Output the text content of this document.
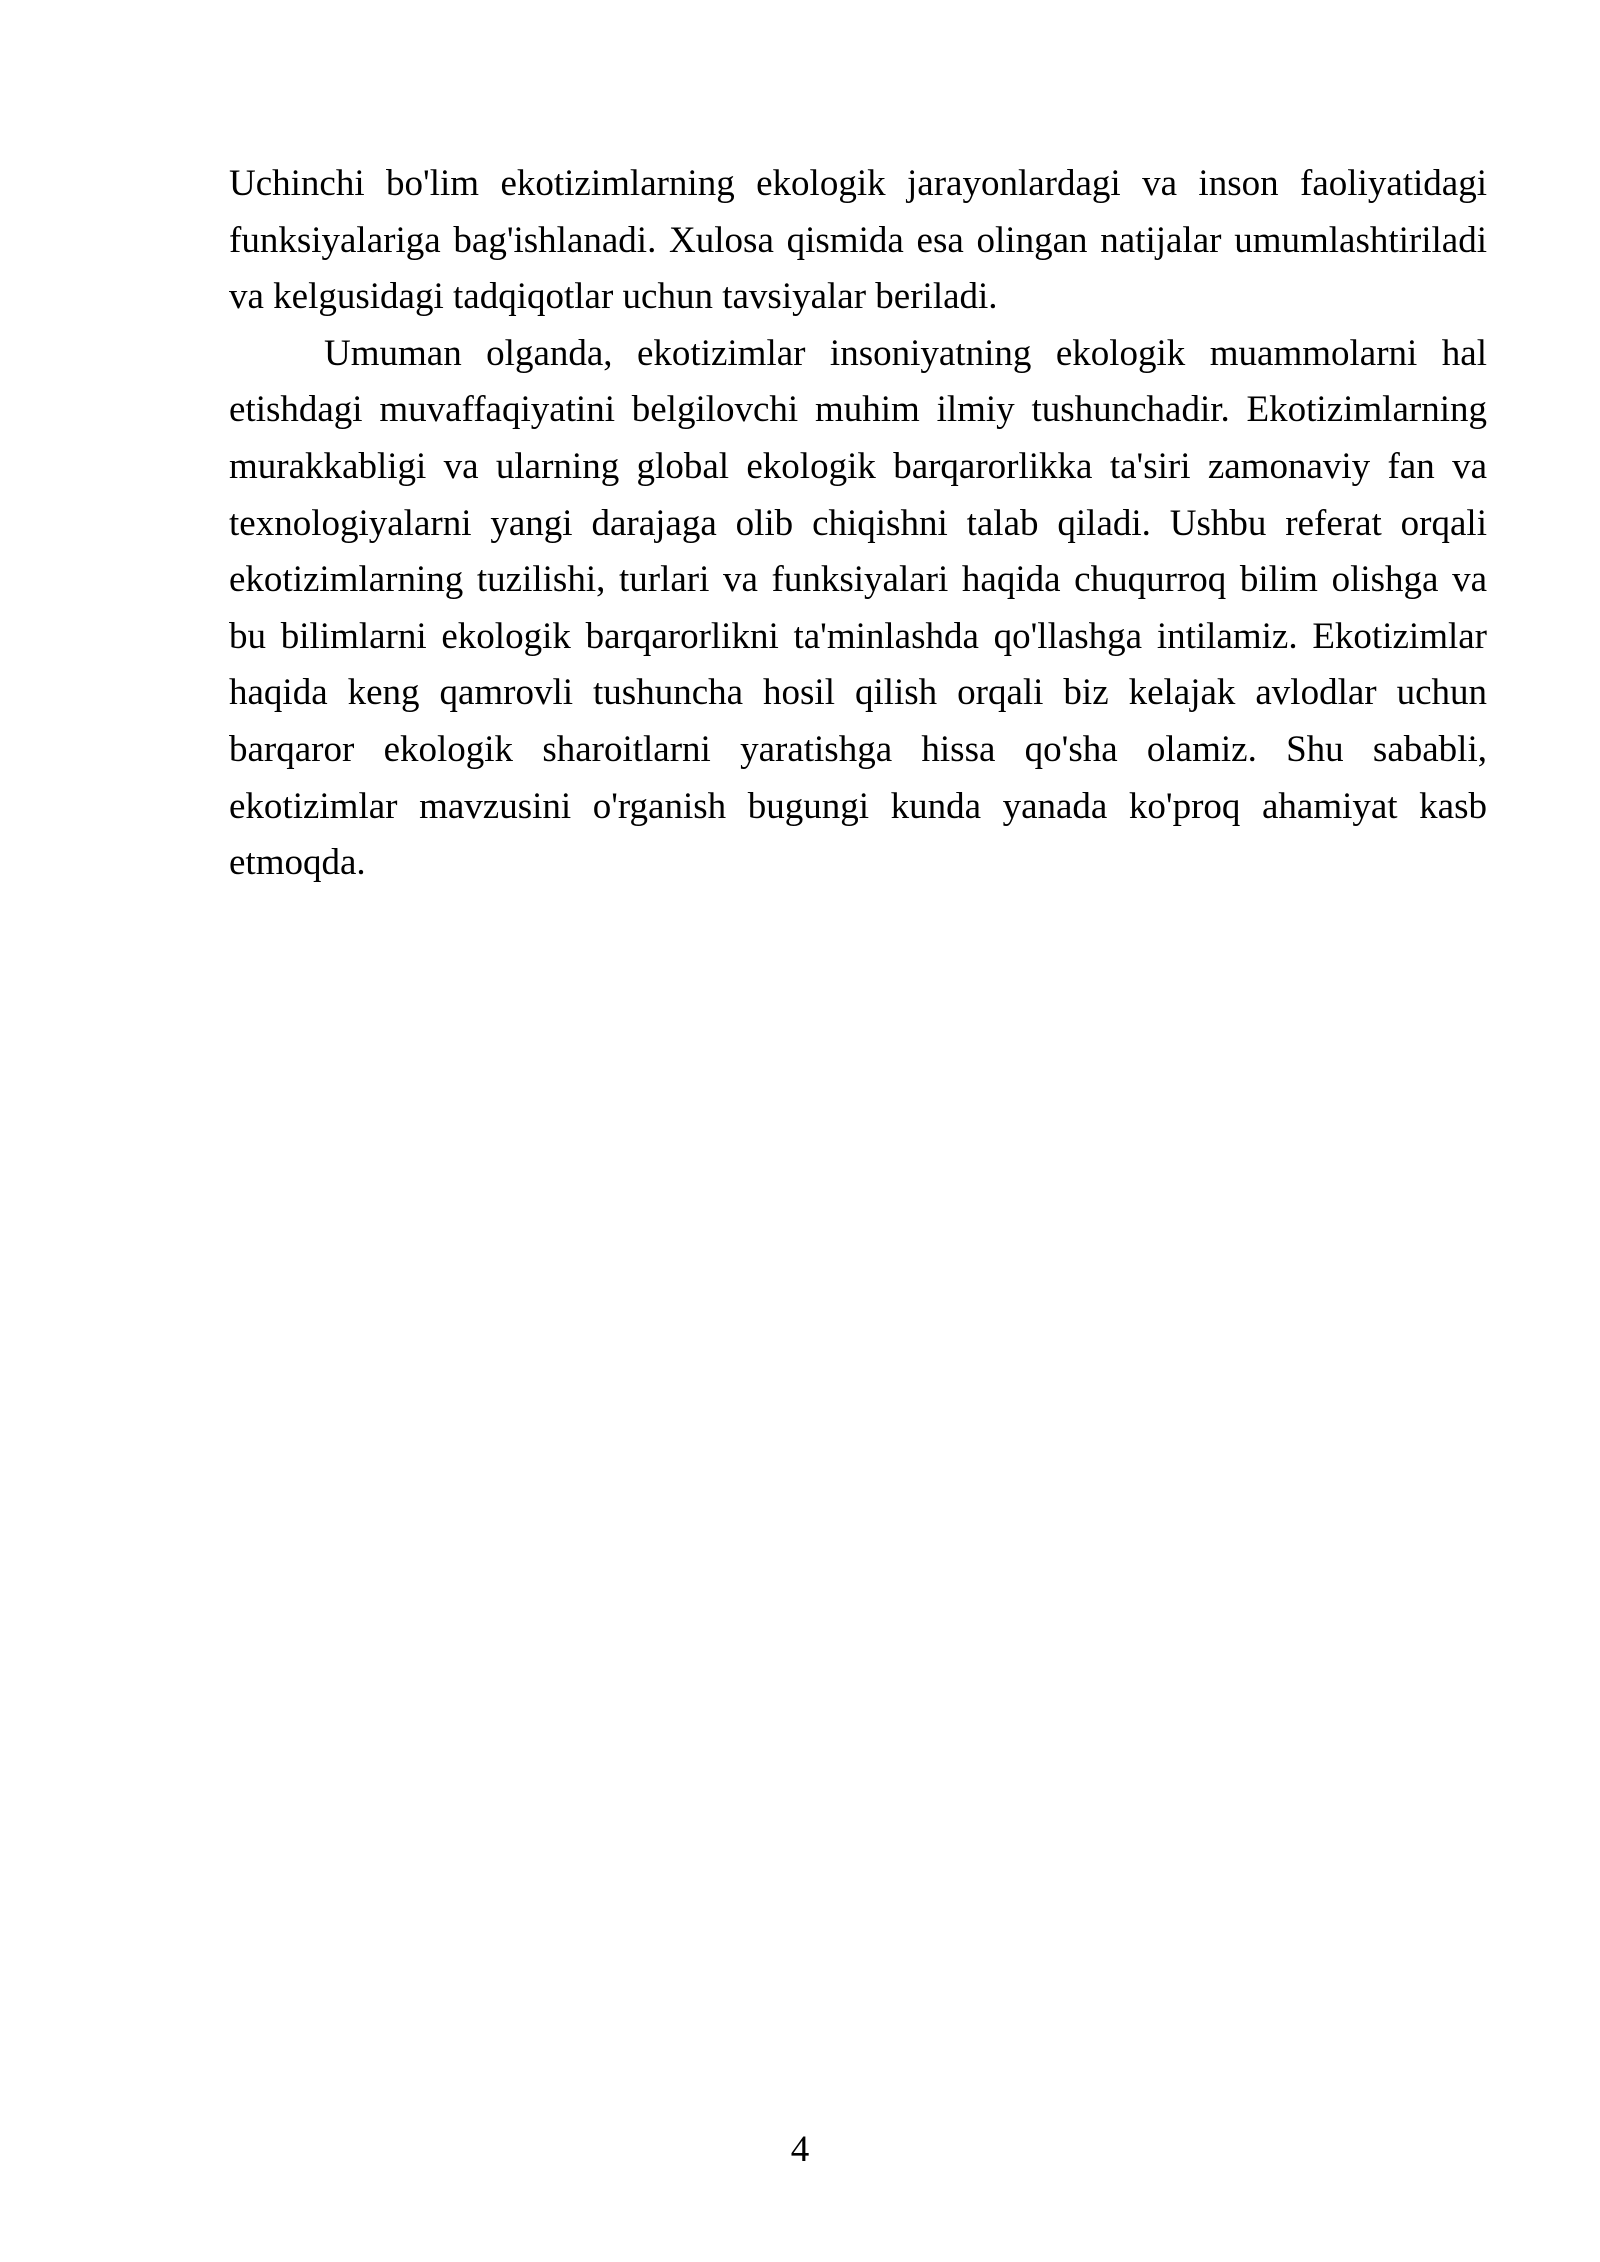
Uchinchi bo'lim ekotizimlarning ekologik jarayonlardagi va inson faoliyatidagi funksiyalariga bag'ishlanadi. Xulosa qismida esa olingan natijalar umumlashtiriladi va kelgusidagi tadqiqotlar uchun tavsiyalar beriladi.

Umuman olganda, ekotizimlar insoniyatning ekologik muammolarni hal etishdagi muvaffaqiyatini belgilovchi muhim ilmiy tushunchadir. Ekotizimlarning murakkabligi va ularning global ekologik barqarorlikka ta'siri zamonaviy fan va texnologiyalarni yangi darajaga olib chiqishni talab qiladi. Ushbu referat orqali ekotizimlarning tuzilishi, turlari va funksiyalari haqida chuqurroq bilim olishga va bu bilimlarni ekologik barqarorlikni ta'minlashda qo'llashga intilamiz. Ekotizimlar haqida keng qamrovli tushuncha hosil qilish orqali biz kelajak avlodlar uchun barqaror ekologik sharoitlarni yaratishga hissa qo'sha olamiz. Shu sababli, ekotizimlar mavzusini o'rganish bugungi kunda yanada ko'proq ahamiyat kasb etmoqda.

4
